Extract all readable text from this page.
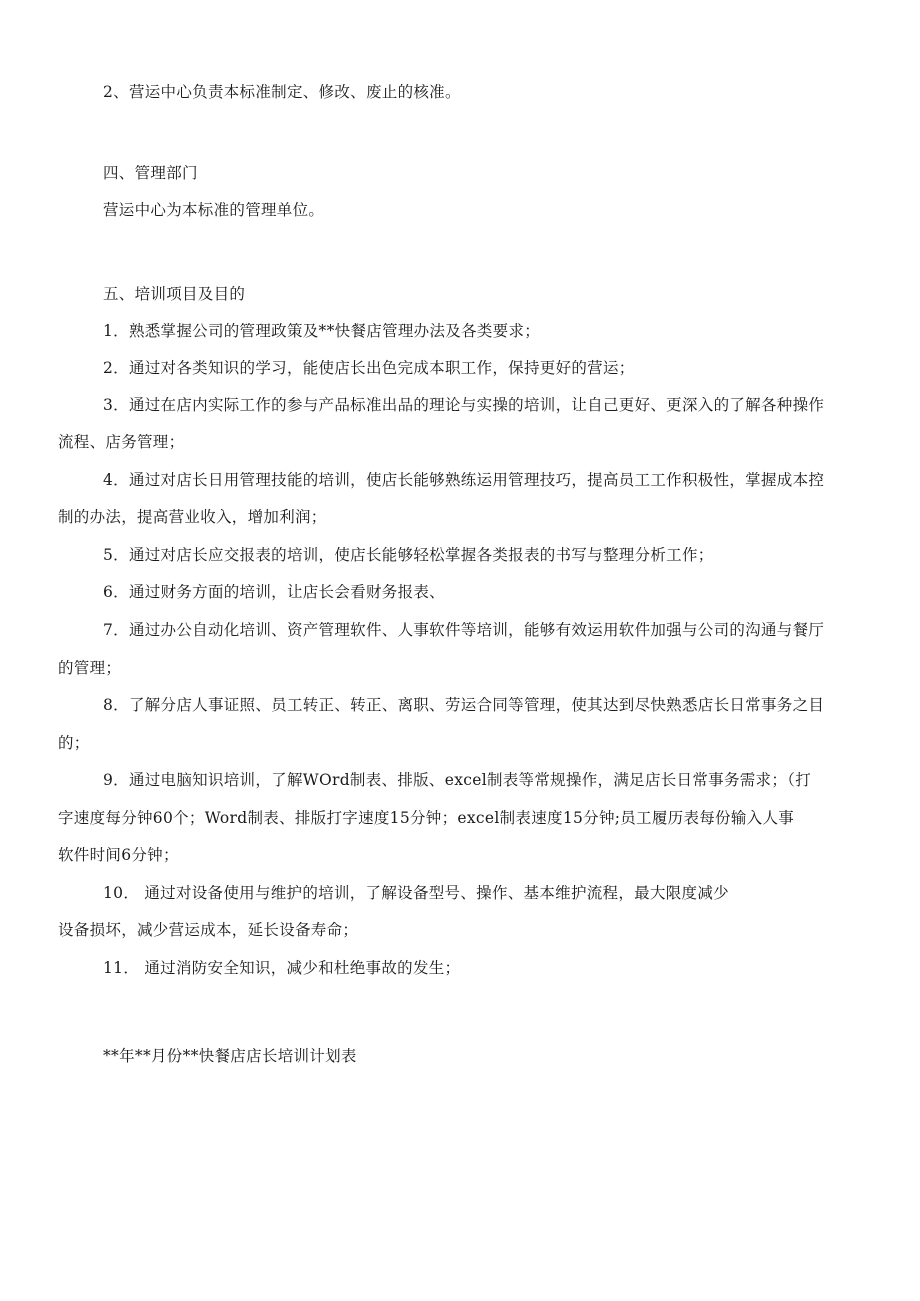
2、营运中心负责本标准制定、修改、废止的核准。
四、管理部门
营运中心为本标准的管理单位。
五、培训项目及目的
1．熟悉掌握公司的管理政策及**快餐店管理办法及各类要求；
2．通过对各类知识的学习，能使店长出色完成本职工作，保持更好的营运；
3．通过在店内实际工作的参与产品标准出品的理论与实操的培训，让自己更好、更深入的了解各种操作
流程、店务管理；
4．通过对店长日用管理技能的培训，使店长能够熟练运用管理技巧，提高员工工作积极性，掌握成本控
制的办法，提高营业收入，增加利润；
5．通过对店长应交报表的培训，使店长能够轻松掌握各类报表的书写与整理分析工作；
6．通过财务方面的培训，让店长会看财务报表、
7．通过办公自动化培训、资产管理软件、人事软件等培训，能够有效运用软件加强与公司的沟通与餐厅
的管理；
8．了解分店人事证照、员工转正、转正、离职、劳运合同等管理，使其达到尽快熟悉店长日常事务之目
的；
9．通过电脑知识培训，了解WOrd制表、排版、excel制表等常规操作，满足店长日常事务需求；（打
字速度每分钟60个；Word制表、排版打字速度15分钟；excel制表速度15分钟;员工履历表每份输入人事
软件时间6分钟；
10． 通过对设备使用与维护的培训，了解设备型号、操作、基本维护流程，最大限度减少
设备损坏，减少营运成本，延长设备寿命；
11． 通过消防安全知识，减少和杜绝事故的发生；
**年**月份**快餐店店长培训计划表
